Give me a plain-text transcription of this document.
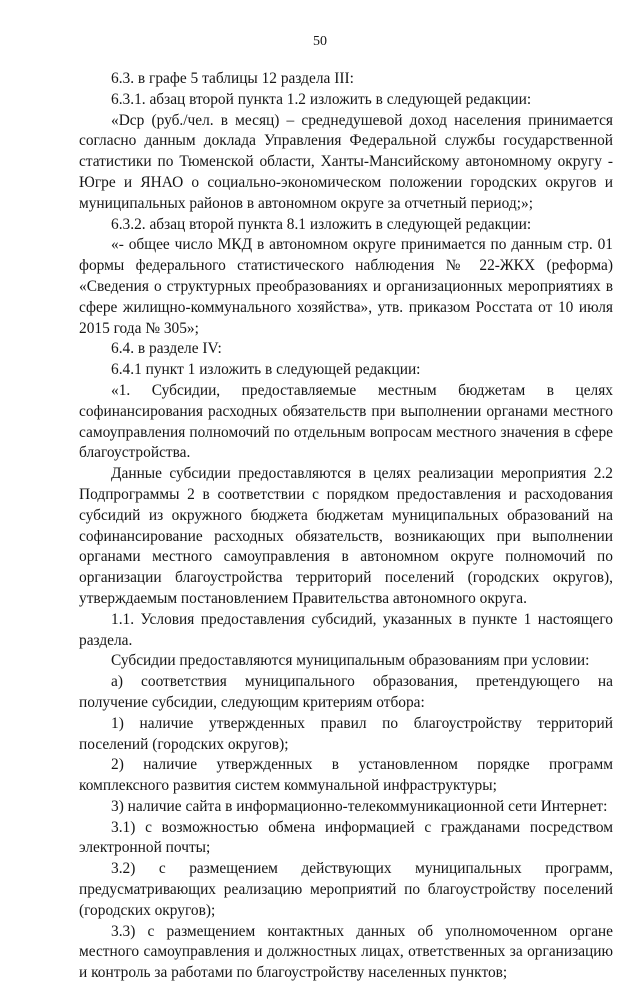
50

6.3. в графе 5 таблицы 12 раздела III:

6.3.1. абзац второй пункта 1.2 изложить в следующей редакции:

«Dср (руб./чел. в месяц) – среднедушевой доход населения принимается согласно данным доклада Управления Федеральной службы государственной статистики по Тюменской области, Ханты-Мансийскому автономному округу - Югре и ЯНАО о социально-экономическом положении городских округов и муниципальных районов в автономном округе за отчетный период;»;

6.3.2. абзац второй пункта 8.1 изложить в следующей редакции:

«- общее число МКД в автономном округе принимается по данным стр. 01 формы федерального статистического наблюдения № 22-ЖКХ (реформа) «Сведения о структурных преобразованиях и организационных мероприятиях в сфере жилищно-коммунального хозяйства», утв. приказом Росстата от 10 июля 2015 года № 305»;

6.4. в разделе IV:

6.4.1 пункт 1 изложить в следующей редакции:

«1. Субсидии, предоставляемые местным бюджетам в целях софинансирования расходных обязательств при выполнении органами местного самоуправления полномочий по отдельным вопросам местного значения в сфере благоустройства.

Данные субсидии предоставляются в целях реализации мероприятия 2.2 Подпрограммы 2 в соответствии с порядком предоставления и расходования субсидий из окружного бюджета бюджетам муниципальных образований на софинансирование расходных обязательств, возникающих при выполнении органами местного самоуправления в автономном округе полномочий по организации благоустройства территорий поселений (городских округов), утверждаемым постановлением Правительства автономного округа.

1.1. Условия предоставления субсидий, указанных в пункте 1 настоящего раздела.

Субсидии предоставляются муниципальным образованиям при условии:

а) соответствия муниципального образования, претендующего на получение субсидии, следующим критериям отбора:

1) наличие утвержденных правил по благоустройству территорий поселений (городских округов);

2) наличие утвержденных в установленном порядке программ комплексного развития систем коммунальной инфраструктуры;

3) наличие сайта в информационно-телекоммуникационной сети Интернет:

3.1) с возможностью обмена информацией с гражданами посредством электронной почты;

3.2) с размещением действующих муниципальных программ, предусматривающих реализацию мероприятий по благоустройству поселений (городских округов);

3.3) с размещением контактных данных об уполномоченном органе местного самоуправления и должностных лицах, ответственных за организацию и контроль за работами по благоустройству населенных пунктов;
